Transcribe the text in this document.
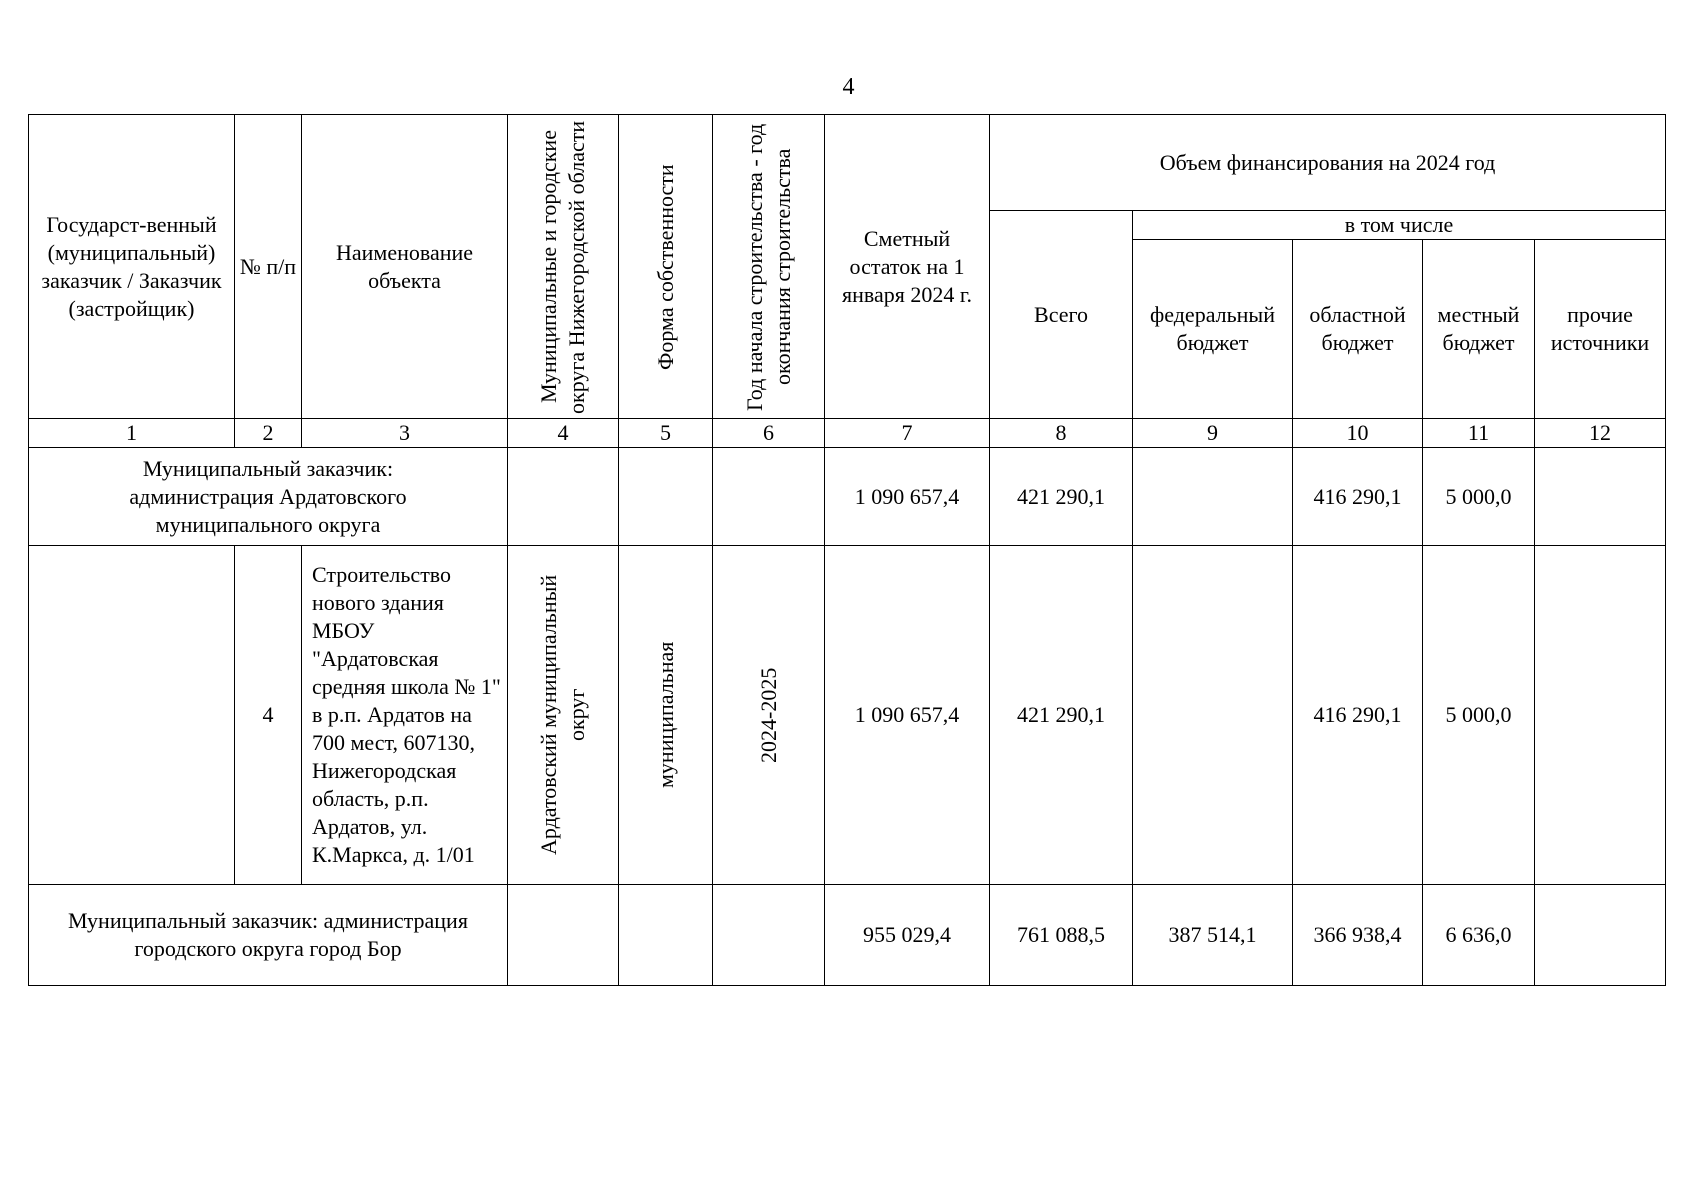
4
Государст-венный (муниципальный) заказчик / Заказчик (застройщик)	№ п/п	Наименование объекта	Муниципальные и городские округа Нижегородской области	Форма собственности	Год начала строительства - год окончания строительства	Сметный остаток на 1 января 2024 г.	Объем финансирования на 2024 год				
							Всего	в том числе			
								федеральный бюджет	областной бюджет	местный бюджет	прочие источники
1	2	3	4	5	6	7	8	9	10	11	12
Муниципальный заказчик: администрация Ардатовского муниципального округа						1 090 657,4	421 290,1		416 290,1	5 000,0	
	4	Строительство нового здания МБОУ "Ардатовская средняя школа № 1" в р.п. Ардатов на 700 мест, 607130, Нижегородская область, р.п. Ардатов, ул. К.Маркса, д. 1/01	Ардатовский муниципальный округ	муниципальная	2024-2025	1 090 657,4	421 290,1		416 290,1	5 000,0	
Муниципальный заказчик: администрация городского округа город Бор						955 029,4	761 088,5	387 514,1	366 938,4	6 636,0	
